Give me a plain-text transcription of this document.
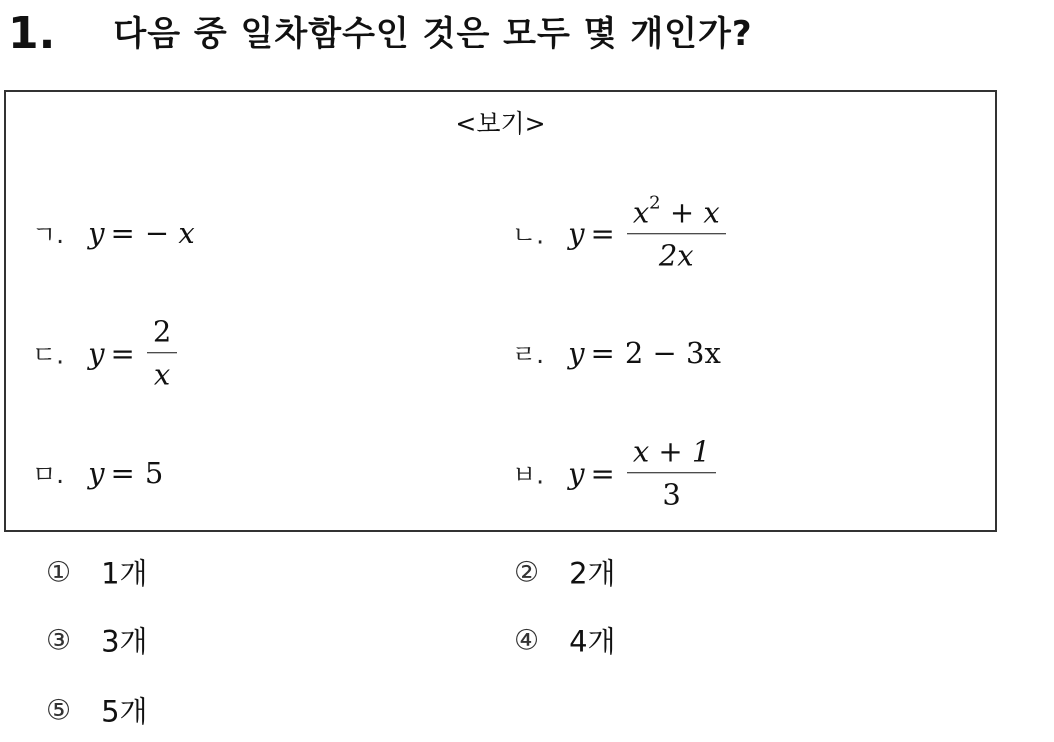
1. 다음 중 일차함수인 것은 모두 몇 개인가?
<보기>
ㄱ. y = − x	ㄴ. $y = \frac{x^2 + x}{2x}$
ㄷ. $y = \frac{2}{x}$	ㄹ. y = 2 − 3x
ㅁ. y = 5	ㅂ. $y = \frac{x + 1}{3}$
① 1개	② 2개
③ 3개	④ 4개
⑤ 5개
